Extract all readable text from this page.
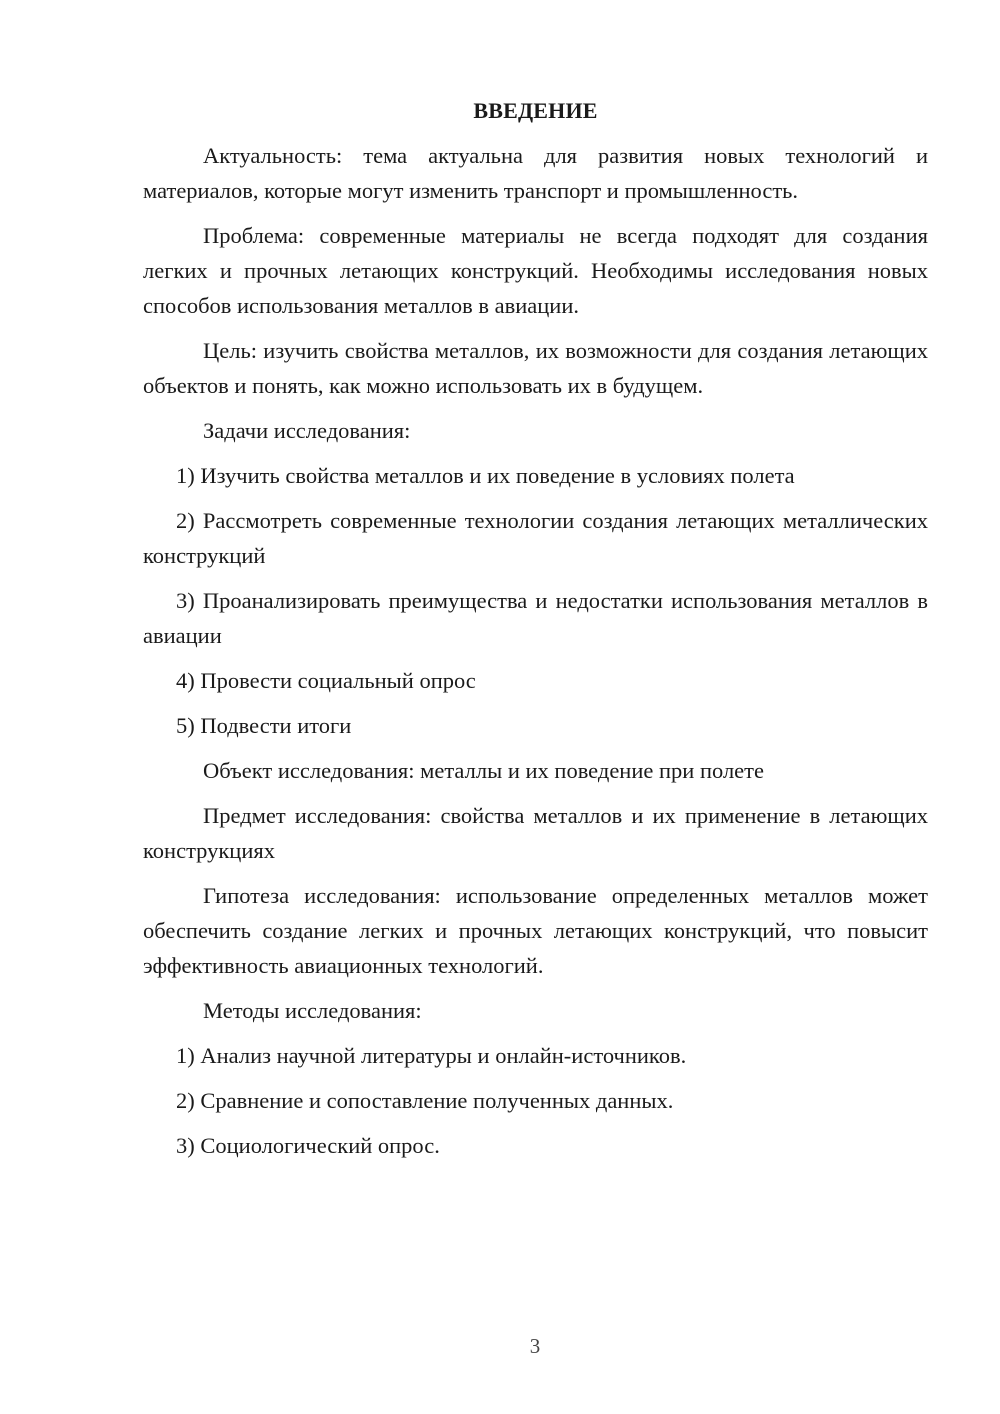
ВВЕДЕНИЕ

Актуальность: тема актуальна для развития новых технологий и материалов, которые могут изменить транспорт и промышленность.

Проблема: современные материалы не всегда подходят для создания легких и прочных летающих конструкций. Необходимы исследования новых способов использования металлов в авиации.

Цель: изучить свойства металлов, их возможности для создания летающих объектов и понять, как можно использовать их в будущем.

Задачи исследования:

1) Изучить свойства металлов и их поведение в условиях полета

2) Рассмотреть современные технологии создания летающих металлических конструкций

3) Проанализировать преимущества и недостатки использования металлов в авиации

4) Провести социальный опрос

5) Подвести итоги

Объект исследования: металлы и их поведение при полете

Предмет исследования: свойства металлов и их применение в летающих конструкциях

Гипотеза исследования: использование определенных металлов может обеспечить создание легких и прочных летающих конструкций, что повысит эффективность авиационных технологий.

Методы исследования:

1) Анализ научной литературы и онлайн-источников.

2) Сравнение и сопоставление полученных данных.

3) Социологический опрос.

3
